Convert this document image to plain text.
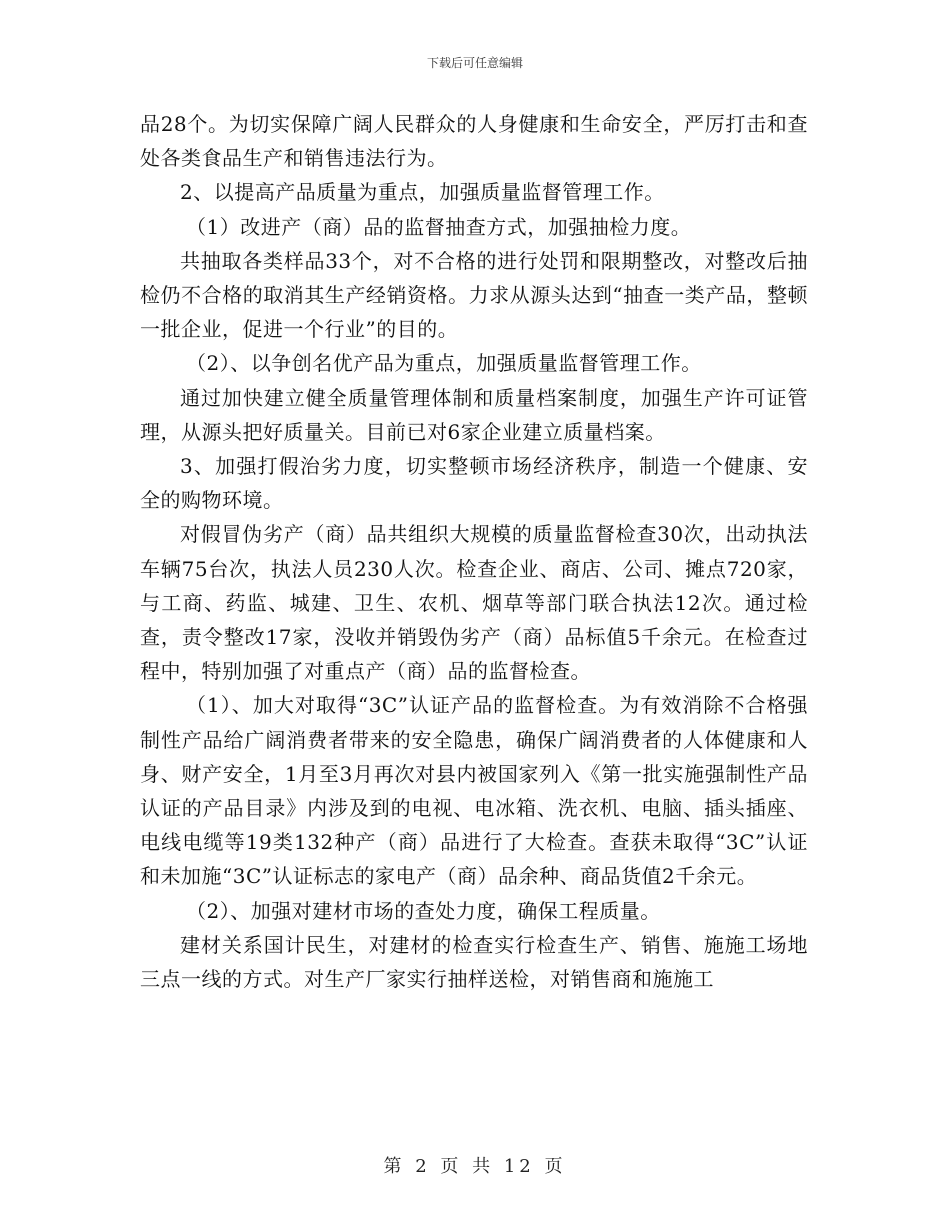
下载后可任意编辑

品28个。为切实保障广阔人民群众的人身健康和生命安全，严厉打击和查处各类食品生产和销售违法行为。

2、以提高产品质量为重点，加强质量监督管理工作。

（1）改进产（商）品的监督抽查方式，加强抽检力度。

共抽取各类样品33个，对不合格的进行处罚和限期整改，对整改后抽检仍不合格的取消其生产经销资格。力求从源头达到“抽查一类产品，整顿一批企业，促进一个行业”的目的。

（2）、以争创名优产品为重点，加强质量监督管理工作。

通过加快建立健全质量管理体制和质量档案制度，加强生产许可证管理，从源头把好质量关。目前已对6家企业建立质量档案。

3、加强打假治劣力度，切实整顿市场经济秩序，制造一个健康、安全的购物环境。

对假冒伪劣产（商）品共组织大规模的质量监督检查30次，出动执法车辆75台次，执法人员230人次。检查企业、商店、公司、摊点720家，与工商、药监、城建、卫生、农机、烟草等部门联合执法12次。通过检查，责令整改17家，没收并销毁伪劣产（商）品标值5千余元。在检查过程中，特别加强了对重点产（商）品的监督检查。

（1）、加大对取得“3C”认证产品的监督检查。为有效消除不合格强制性产品给广阔消费者带来的安全隐患，确保广阔消费者的人体健康和人身、财产安全，1月至3月再次对县内被国家列入《第一批实施强制性产品认证的产品目录》内涉及到的电视、电冰箱、洗衣机、电脑、插头插座、电线电缆等19类132种产（商）品进行了大检查。查获未取得“3C”认证和未加施“3C”认证标志的家电产（商）品余种、商品货值2千余元。

（2）、加强对建材市场的查处力度，确保工程质量。

建材关系国计民生，对建材的检查实行检查生产、销售、施施工场地三点一线的方式。对生产厂家实行抽样送检，对销售商和施施工

第 2 页 共 12 页
